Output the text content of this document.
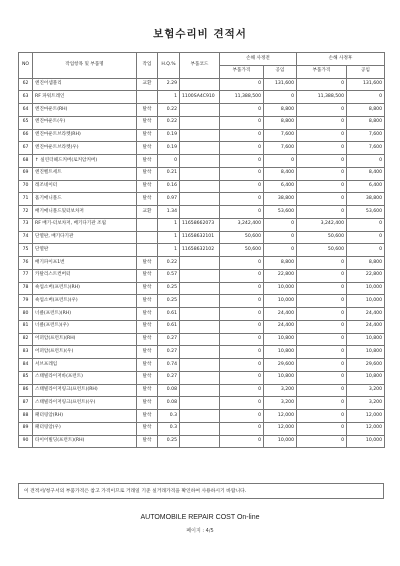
보험수리비 견적서
NO	작업항목 및 부품명	작업	H.Q.%	부품코드	손해 사정전		손해 사정후	
					부품가격	공임	부품가격	공임
62	엔진어셈블리	교환	2.29		0	131,600	0	131,600
63	RF 파워트레인		1	1100SA4C910	11,388,500	0	11,388,500	0
64	엔진마운트(RH)	탈착	0.22		0	8,800	0	8,800
65	엔진마운트(우)	탈착	0.22		0	8,800	0	8,800
66	엔진마운트브라켓(RH)	탈착	0.19		0	7,600	0	7,600
67	엔진마운트브라켓(우)	탈착	0.19		0	7,600	0	7,600
68	↑ 실린더헤드커버(로커암커버)	탈착	0		0	0	0	0
69	엔진벨트세트	탈착	0.21		0	8,400	0	8,400
70	레조네이터	탈착	0.16		0	6,400	0	6,400
71	흡기매니폴드	탈착	0.97		0	38,800	0	38,800
72	배기매니폴드및터보차저	교환	1.34		0	53,600	0	53,600
73	RF 배기-터보차저, 배기다기관 조립		1	11658662073	3,242,400	0	3,242,400	0
74	단열판, 배기다기관		1	11658632101	50,600	0	50,600	0
75	단열판		1	11658632102	50,600	0	50,600	0
76	배기파이프1번	탈착	0.22		0	8,800	0	8,800
77	카탈리스트컨버터	탈착	0.57		0	22,800	0	22,800
78	쇽업소버(프런트)(RH)	탈착	0.25		0	10,000	0	10,000
79	쇽업소버(프런트)(우)	탈착	0.25		0	10,000	0	10,000
80	너클(프런트)(RH)	탈착	0.61		0	24,400	0	24,400
81	너클(프런트)(우)	탈착	0.61		0	24,400	0	24,400
82	어퍼암(프런트)(RH)	탈착	0.27		0	10,800	0	10,800
83	어퍼암(프런트)(우)	탈착	0.27		0	10,800	0	10,800
84	서브프레임	탈착	0.74		0	29,600	0	29,600
85	스태빌라이저바(프런트)	탈착	0.27		0	10,800	0	10,800
86	스태빌라이저링크(프런트)(RH)	탈착	0.08		0	3,200	0	3,200
87	스태빌라이저링크(프런트)(우)	탈착	0.08		0	3,200	0	3,200
88	패터링암(RH)	탈착	0.3		0	12,000	0	12,000
89	패터링암(우)	탈착	0.3		0	12,000	0	12,000
90	타이어빌딩(프런트)(RH)	탈착	0.25		0	10,000	0	10,000
이 견적서/청구서의 부품가격은 참고 가격이므로 거래일 기준 실거래가격을 확인하여 사용하시기 바랍니다.
AUTOMOBILE REPAIR COST On-line
페이지 : 4/5
